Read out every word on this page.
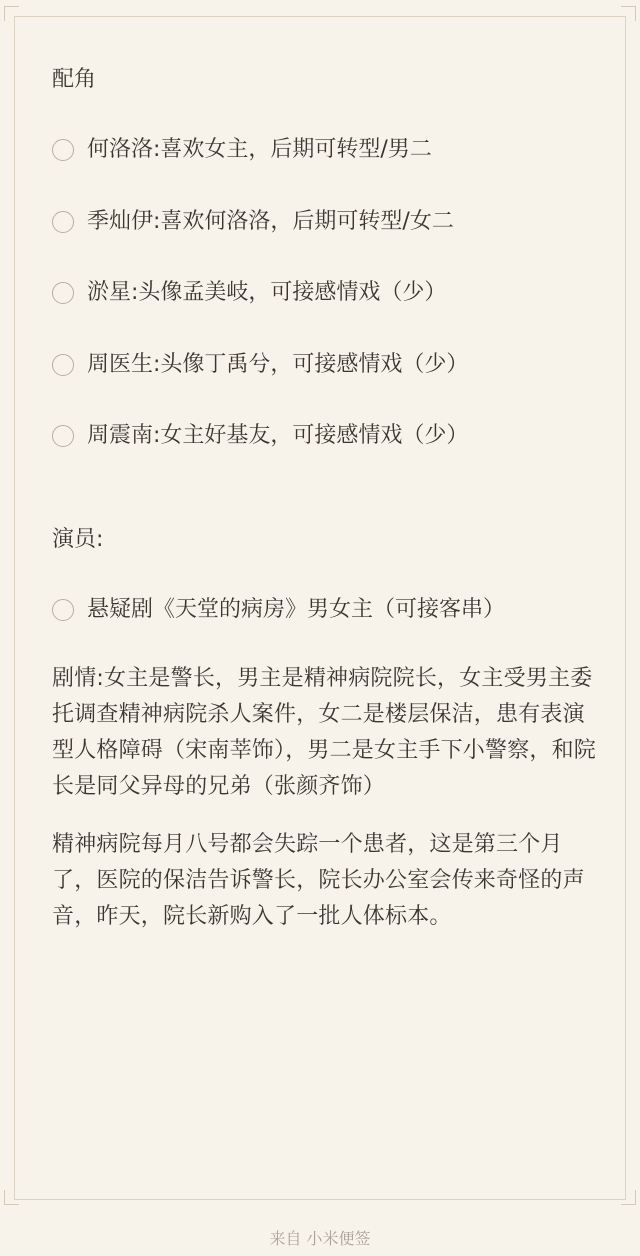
配角
何洛洛:喜欢女主，后期可转型/男二
季灿伊:喜欢何洛洛，后期可转型/女二
淤星:头像孟美岐，可接感情戏（少）
周医生:头像丁禹兮，可接感情戏（少）
周震南:女主好基友，可接感情戏（少）
演员:
悬疑剧《天堂的病房》男女主（可接客串）
剧情:女主是警长，男主是精神病院院长，女主受男主委托调查精神病院杀人案件，女二是楼层保洁，患有表演型人格障碍（宋南莘饰），男二是女主手下小警察，和院长是同父异母的兄弟（张颜齐饰）
精神病院每月八号都会失踪一个患者，这是第三个月了，医院的保洁告诉警长，院长办公室会传来奇怪的声音，昨天，院长新购入了一批人体标本。
来自 小米便签
